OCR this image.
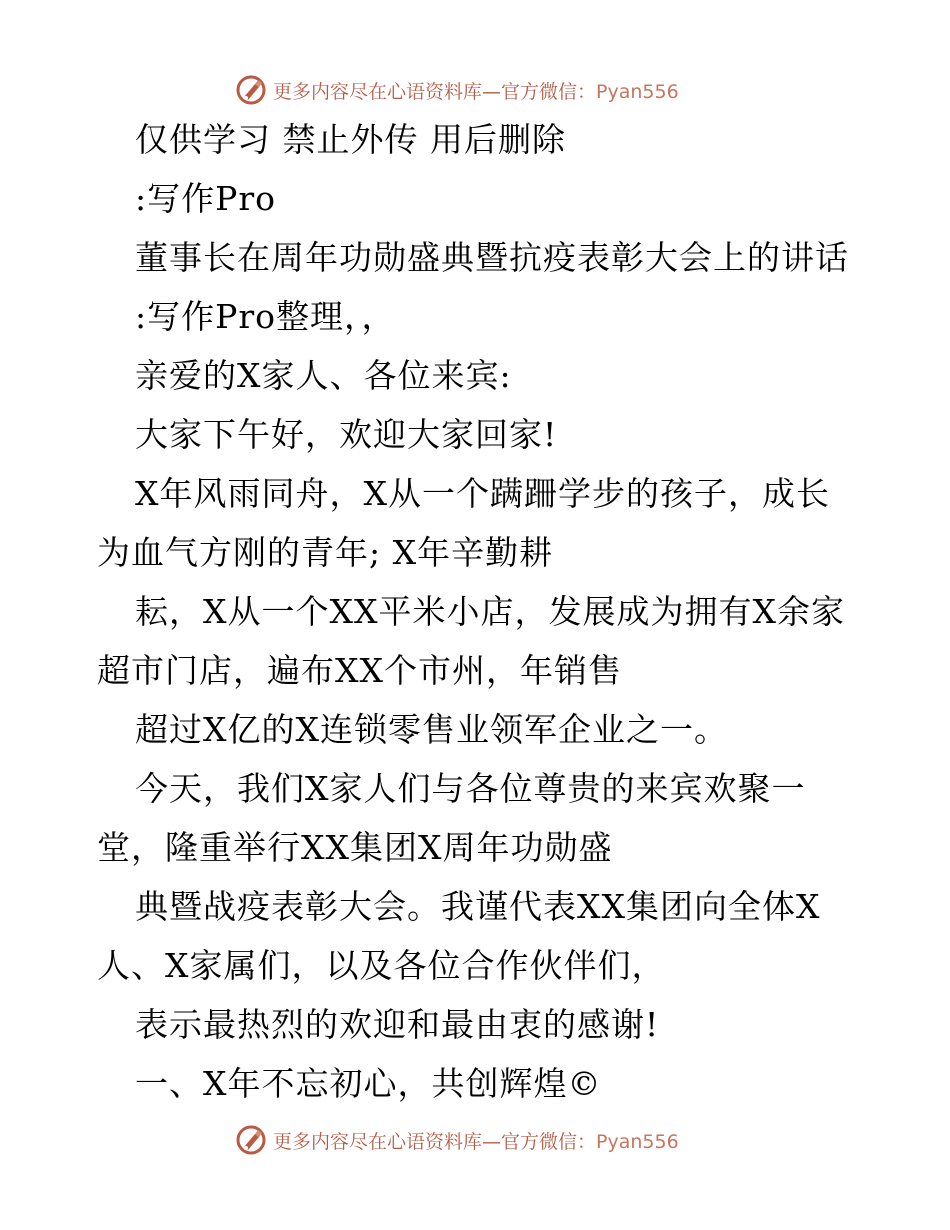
更多内容尽在心语资料库—官方微信：Pyan556
仅供学习 禁止外传 用后删除
:写作Pro
董事长在周年功勋盛典暨抗疫表彰大会上的讲话
:写作Pro整理，，
亲爱的X家人、各位来宾:
大家下午好，欢迎大家回家!
X年风雨同舟，X从一个蹒跚学步的孩子，成长
为血气方刚的青年; X年辛勤耕
耘，X从一个XX平米小店，发展成为拥有X余家
超市门店，遍布XX个市州，年销售
超过X亿的X连锁零售业领军企业之一。
今天，我们X家人们与各位尊贵的来宾欢聚一
堂，隆重举行XX集团X周年功勋盛
典暨战疫表彰大会。我谨代表XX集团向全体X
人、X家属们，以及各位合作伙伴们，
表示最热烈的欢迎和最由衷的感谢!
一、X年不忘初心，共创辉煌©
更多内容尽在心语资料库—官方微信：Pyan556
